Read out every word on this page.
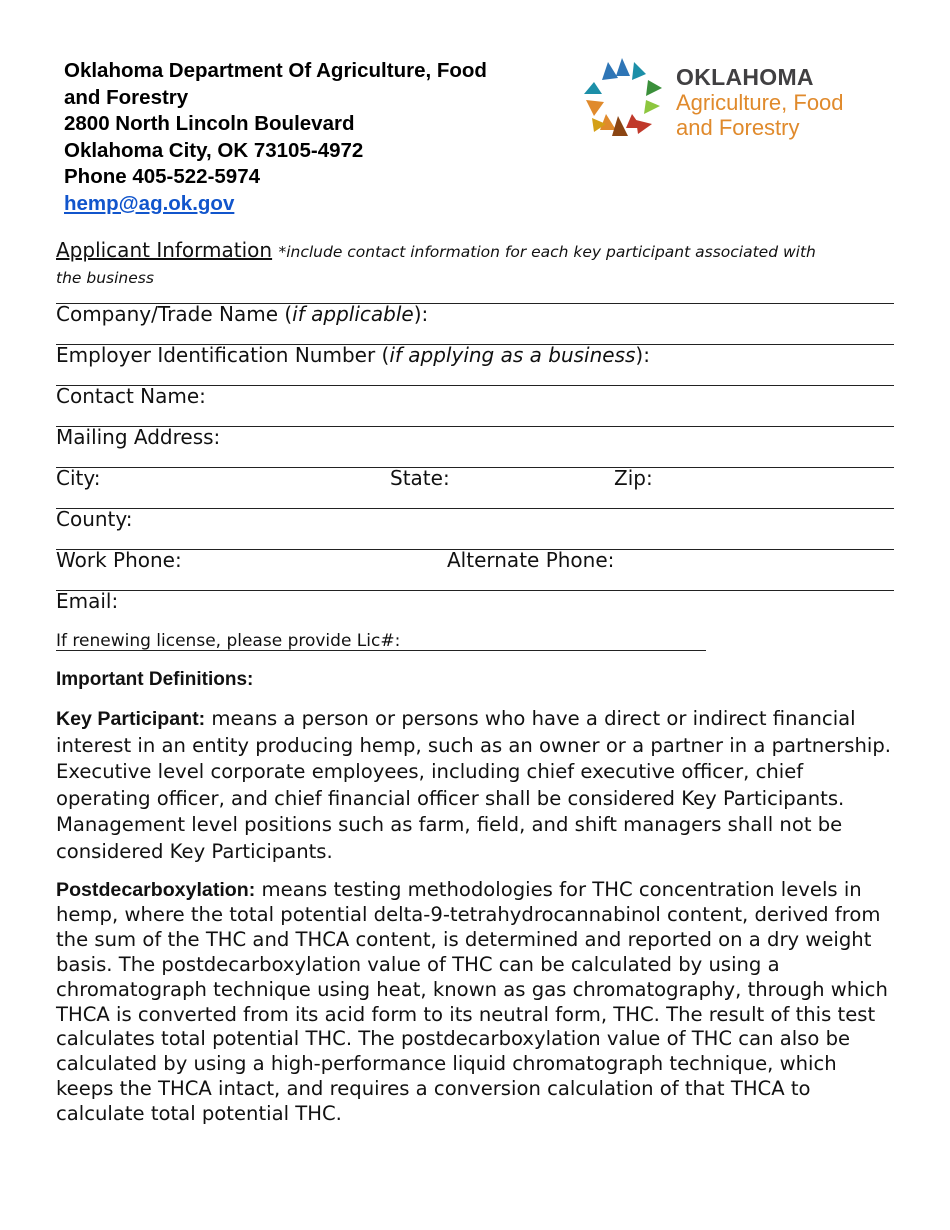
Oklahoma Department Of Agriculture, Food
and Forestry
2800 North Lincoln Boulevard
Oklahoma City, OK 73105-4972
Phone 405-522-5974
hemp@ag.ok.gov
OKLAHOMA
Agriculture, Food
and Forestry
Applicant Information *include contact information for each key participant associated with
the business
Company/Trade Name (if applicable):
Employer Identification Number (if applying as a business):
Contact Name:
Mailing Address:
City:	State:	Zip:
County:
Work Phone:	Alternate Phone:
Email:
If renewing license, please provide Lic#:
Important Definitions:
Key Participant: means a person or persons who have a direct or indirect financial interest in an entity producing hemp, such as an owner or a partner in a partnership. Executive level corporate employees, including chief executive officer, chief operating officer, and chief financial officer shall be considered Key Participants. Management level positions such as farm, field, and shift managers shall not be considered Key Participants.
Postdecarboxylation: means testing methodologies for THC concentration levels in hemp, where the total potential delta-9-tetrahydrocannabinol content, derived from the sum of the THC and THCA content, is determined and reported on a dry weight basis. The postdecarboxylation value of THC can be calculated by using a chromatograph technique using heat, known as gas chromatography, through which THCA is converted from its acid form to its neutral form, THC. The result of this test calculates total potential THC. The postdecarboxylation value of THC can also be calculated by using a high-performance liquid chromatograph technique, which keeps the THCA intact, and requires a conversion calculation of that THCA to calculate total potential THC.
